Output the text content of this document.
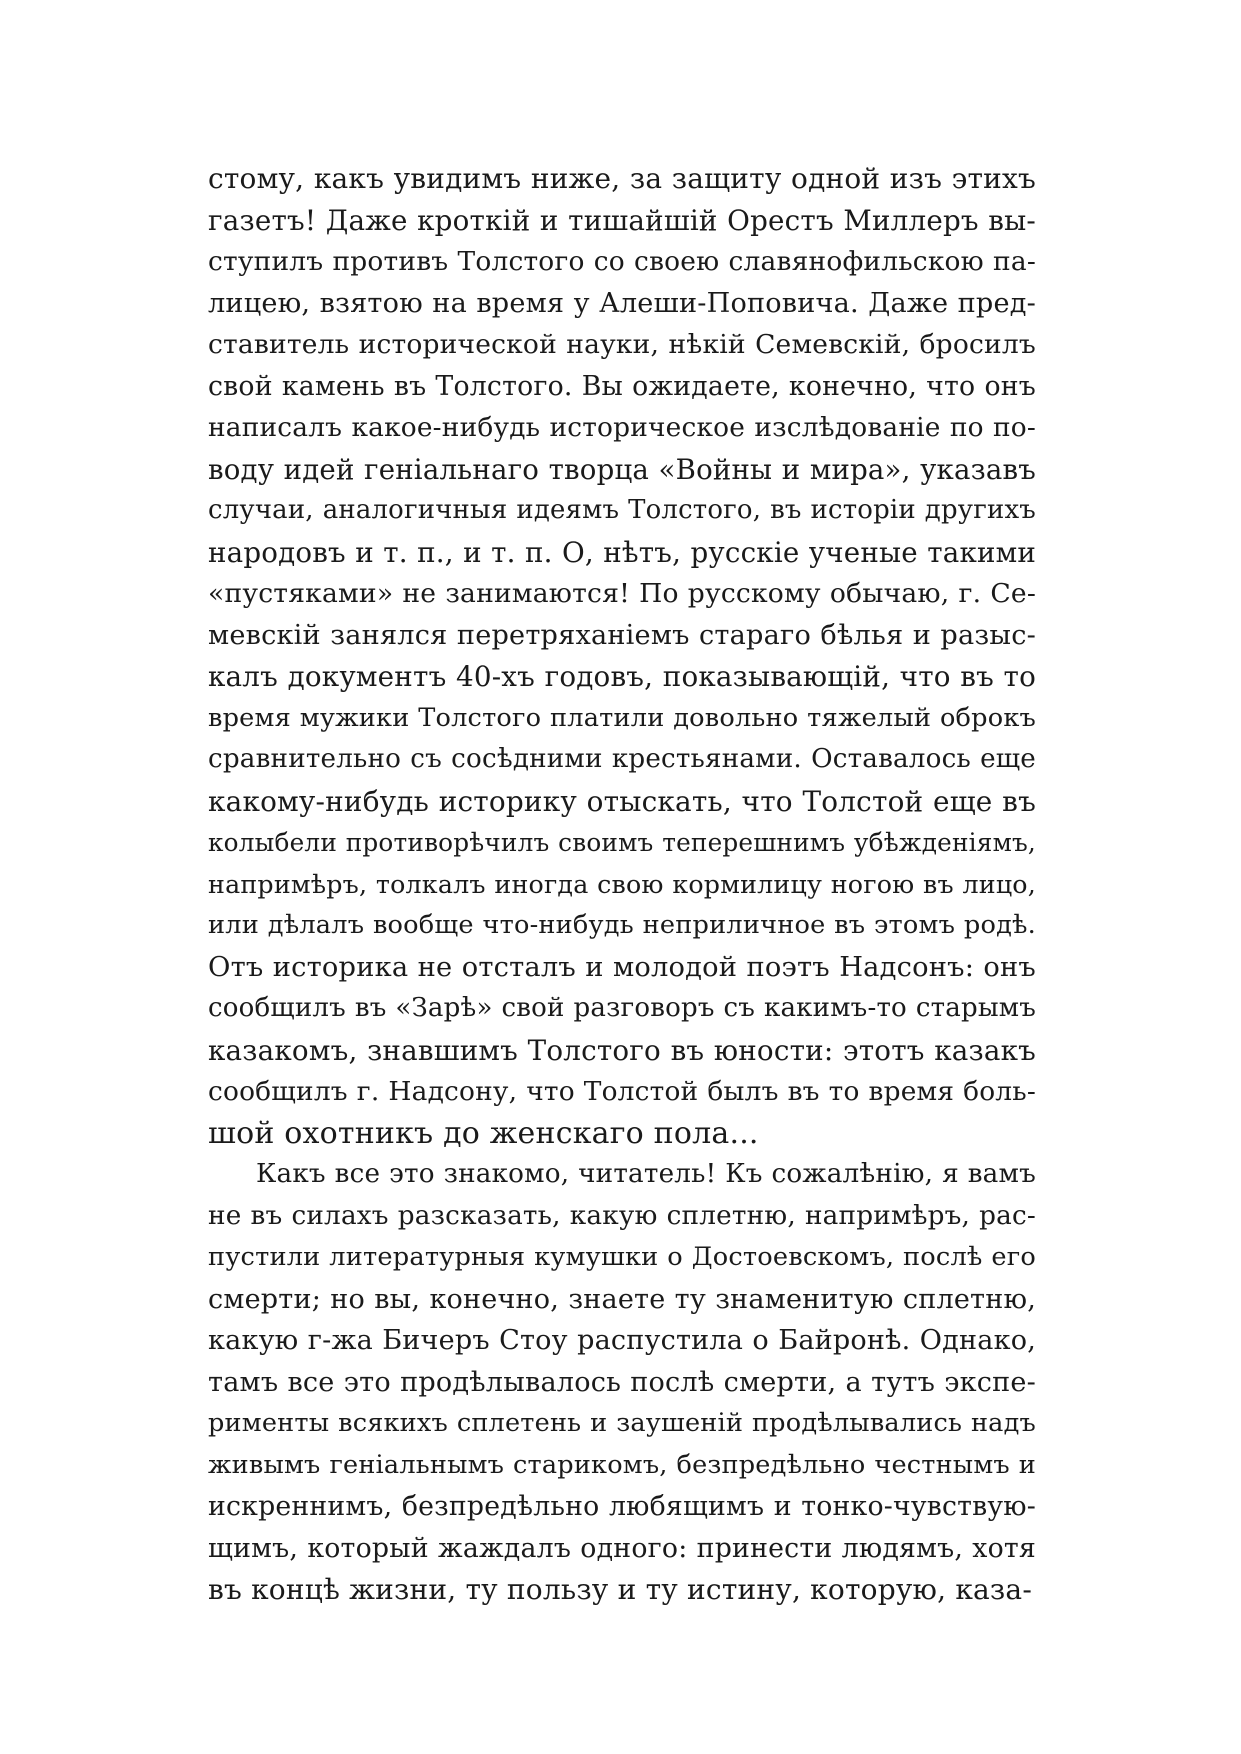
стому, какъ увидимъ ниже, за защиту одной изъ этихъ
газетъ! Даже кроткій и тишайшій Орестъ Миллеръ вы-
ступилъ противъ Толстого со своею славянофильскою па-
лицею, взятою на время у Алеши-Поповича. Даже пред-
ставитель исторической науки, нѣкій Семевскій, бросилъ
свой камень въ Толстого. Вы ожидаете, конечно, что онъ
написалъ какое-нибудь историческое изслѣдованіе по по-
воду идей геніальнаго творца «Войны и мира», указавъ
случаи, аналогичныя идеямъ Толстого, въ исторіи другихъ
народовъ и т. п., и т. п. О, нѣтъ, русскіе ученые такими
«пустяками» не занимаются! По русскому обычаю, г. Се-
мевскій занялся перетряханіемъ стараго бѣлья и разыс-
калъ документъ 40-хъ годовъ, показывающій, что въ то
время мужики Толстого платили довольно тяжелый оброкъ
сравнительно съ сосѣдними крестьянами. Оставалось еще
какому-нибудь историку отыскать, что Толстой еще въ
колыбели противорѣчилъ своимъ теперешнимъ убѣжденіямъ,
напримѣръ, толкалъ иногда свою кормилицу ногою въ лицо,
или дѣлалъ вообще что-нибудь неприличное въ этомъ родѣ.
Отъ историка не отсталъ и молодой поэтъ Надсонъ: онъ
сообщилъ въ «Зарѣ» свой разговоръ съ какимъ-то старымъ
казакомъ, знавшимъ Толстого въ юности: этотъ казакъ
сообщилъ г. Надсону, что Толстой былъ въ то время боль-
шой охотникъ до женскаго пола...
Какъ все это знакомо, читатель! Къ сожалѣнію, я вамъ
не въ силахъ разсказать, какую сплетню, напримѣръ, рас-
пустили литературныя кумушки о Достоевскомъ, послѣ его
смерти; но вы, конечно, знаете ту знаменитую сплетню,
какую г-жа Бичеръ Стоу распустила о Байронѣ. Однако,
тамъ все это продѣлывалось послѣ смерти, а тутъ экспе-
рименты всякихъ сплетень и заушеній продѣлывались надъ
живымъ геніальнымъ старикомъ, безпредѣльно честнымъ и
искреннимъ, безпредѣльно любящимъ и тонко-чувствую-
щимъ, который жаждалъ одного: принести людямъ, хотя
въ концѣ жизни, ту пользу и ту истину, которую, каза-
